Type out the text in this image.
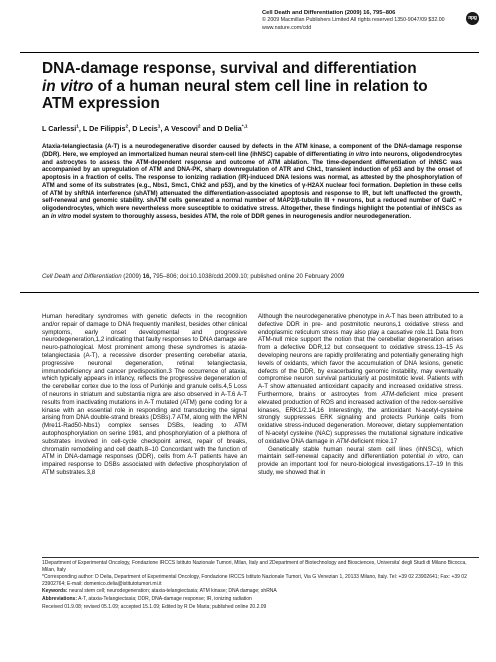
Cell Death and Differentiation (2009) 16, 795–806
© 2009 Macmillan Publishers Limited All rights reserved 1350-9047/09 $32.00
www.nature.com/cdd
npg
DNA-damage response, survival and differentiation
in vitro of a human neural stem cell line in relation to
ATM expression

L Carlessi$^1$, L De Filippis$^2$, D Lecis$^1$, A Vescovi$^2$ and D Delia$^{*,1}$

Ataxia-telangiectasia (A-T) is a neurodegenerative disorder caused by defects in the ATM kinase, a component of the DNA-damage response (DDR). Here, we employed an immortalized human neural stem-cell line (ihNSC) capable of differentiating in vitro into neurons, oligodendrocytes and astrocytes to assess the ATM-dependent response and outcome of ATM ablation. The time-dependent differentiation of ihNSC was accompanied by an upregulation of ATM and DNA-PK, sharp downregulation of ATR and Chk1, transient induction of p53 and by the onset of apoptosis in a fraction of cells. The response to ionizing radiation (IR)-induced DNA lesions was normal, as attested by the phosphorylation of ATM and some of its substrates (e.g., Nbs1, Smc1, Chk2 and p53), and by the kinetics of γ-H2AX nuclear foci formation. Depletion in these cells of ATM by shRNA interference (shATM) attenuated the differentiation-associated apoptosis and response to IR, but left unaffected the growth, self-renewal and genomic stability. shATM cells generated a normal number of MAP2/β-tubulin III + neurons, but a reduced number of GalC + oligodendrocytes, which were nevertheless more susceptible to oxidative stress. Altogether, these findings highlight the potential of ihNSCs as an in vitro model system to thoroughly assess, besides ATM, the role of DDR genes in neurogenesis and/or neurodegeneration.

Cell Death and Differentiation (2009) 16, 795–806; doi:10.1038/cdd.2009.10; published online 20 February 2009

Human hereditary syndromes with genetic defects in the recognition and/or repair of damage to DNA frequently manifest, besides other clinical symptoms, early onset developmental and progressive neurodegeneration,1,2 indicating that faulty responses to DNA damage are neuro-pathological. Most prominent among these syndromes is ataxia-telangiectasia (A-T), a recessive disorder presenting cerebellar ataxia, progressive neuronal degeneration, retinal telangiectasia, immunodeficiency and cancer predisposition.3 The occurrence of ataxia, which typically appears in infancy, reflects the progressive degeneration of the cerebellar cortex due to the loss of Purkinje and granule cells.4,5 Loss of neurons in striatum and substantia nigra are also observed in A-T.6 A-T results from inactivating mutations in A-T mutated (ATM) gene coding for a kinase with an essential role in responding and transducing the signal arising from DNA double-strand breaks (DSBs).7 ATM, along with the MRN (Mre11-Rad50-Nbs1) complex senses DSBs, leading to ATM autophosphorylation on serine 1981, and phosphorylation of a plethora of substrates involved in cell-cycle checkpoint arrest, repair of breaks, chromatin remodeling and cell death.8–10 Concordant with the function of ATM in DNA-damage responses (DDR), cells from A-T patients have an impaired response to DSBs associated with defective phosphorylation of ATM substrates.3,8

Although the neurodegenerative phenotype in A-T has been attributed to a defective DDR in pre- and postmitotic neurons,1 oxidative stress and endoplasmic reticulum stress may also play a causative role.11 Data from ATM-null mice support the notion that the cerebellar degeneration arises from a defective DDR,12 but consequent to oxidative stress.13–15 As developing neurons are rapidly proliferating and potentially generating high levels of oxidants, which favor the accumulation of DNA lesions, genetic defects of the DDR, by exacerbating genomic instability, may eventually compromise neuron survival particularly at postmitotic level. Patients with A-T show attenuated antioxidant capacity and increased oxidative stress. Furthermore, brains or astrocytes from ATM-deficient mice present elevated production of ROS and increased activation of the redox-sensitive kinases, ERK1/2.14,16 Interestingly, the antioxidant N-acetyl-cysteine strongly suppresses ERK signaling and protects Purkinje cells from oxidative stress-induced degeneration. Moreover, dietary supplementation of N-acetyl cysteine (NAC) suppresses the mutational signature indicative of oxidative DNA damage in ATM-deficient mice.17

Genetically stable human neural stem cell lines (ihNSCs), which maintain self-renewal capacity and differentiation potential in vitro, can provide an important tool for neuro-biological investigations.17–19 In this study, we showed that in

1Department of Experimental Oncology, Fondazione IRCCS Istituto Nazionale Tumori, Milan, Italy and 2Department of Biotechnology and Biosciences, Universita' degli Studi di Milano Bicocca, Milan, Italy

*Corresponding author: D Delia, Department of Experimental Oncology, Fondazione IRCCS Istituto Nazionale Tumori, Via G Venezian 1, 20133 Milano, Italy. Tel: +39 02 23902641; Fax: +39 02 23902764; E-mail: domenico.delia@istitutotumori.mi.it

Keywords: neural stem cell; neurodegeneration; ataxia-telangiectasia; ATM kinase; DNA damage; shRNA

Abbreviations: A-T, ataxia-Telangiectasia; DDR, DNA-damage response; IR, ionizing radiation

Received 01.9.08; revised 05.1.09; accepted 15.1.09; Edited by R De Maria; published online 20.2.09
